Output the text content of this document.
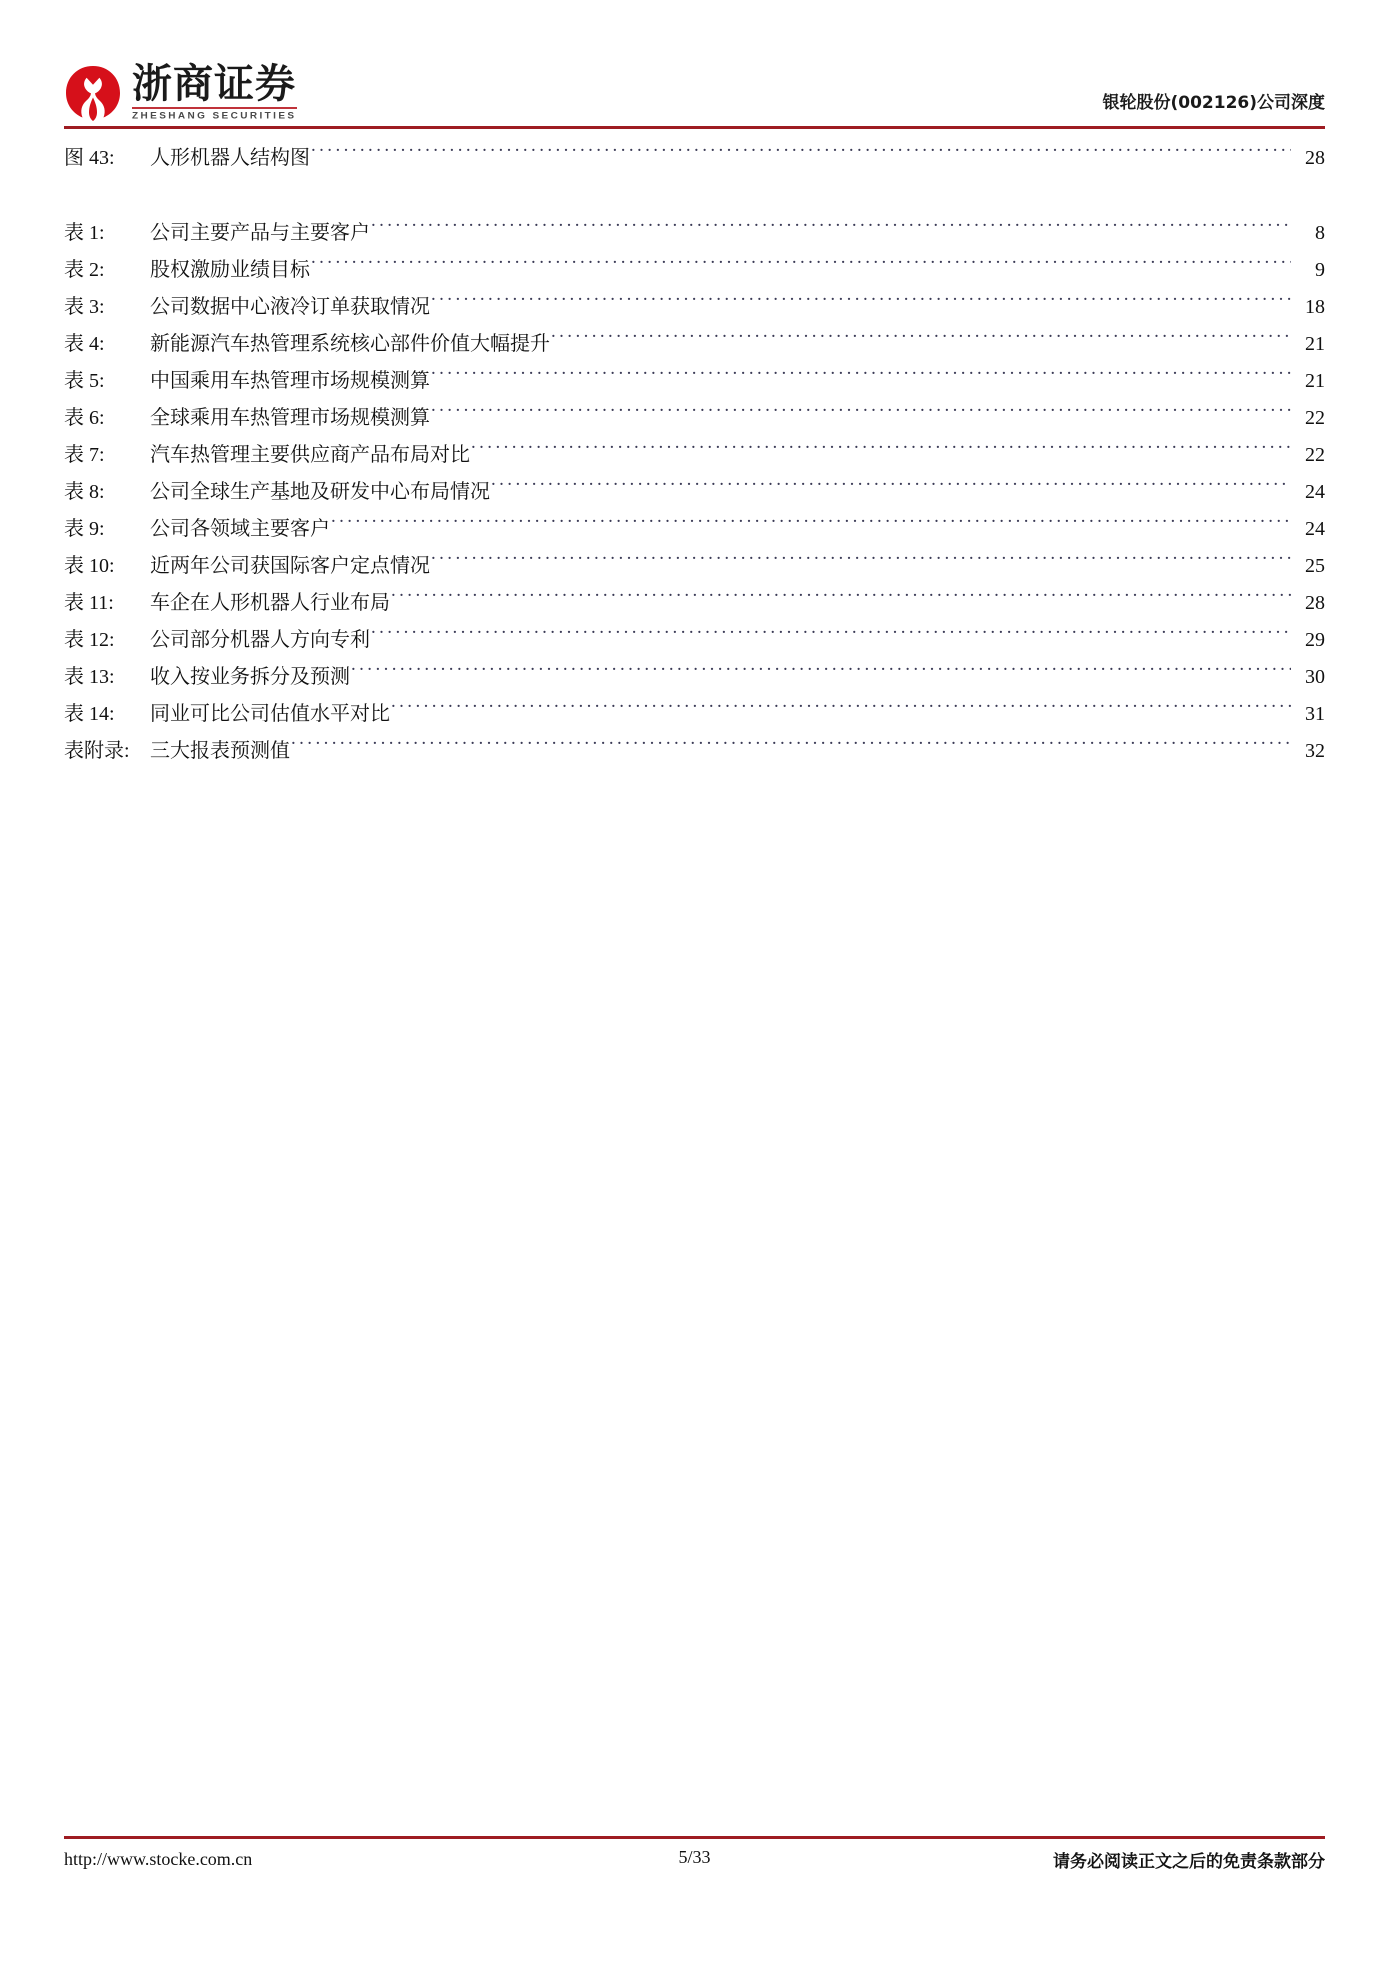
浙商证券
ZHESHANG SECURITIES
银轮股份(002126)公司深度
图 43:	人形机器人结构图 .....	28
表 1:	公司主要产品与主要客户 .....	8
表 2:	股权激励业绩目标 .....	9
表 3:	公司数据中心液冷订单获取情况 .....	18
表 4:	新能源汽车热管理系统核心部件价值大幅提升 .....	21
表 5:	中国乘用车热管理市场规模测算 .....	21
表 6:	全球乘用车热管理市场规模测算 .....	22
表 7:	汽车热管理主要供应商产品布局对比 .....	22
表 8:	公司全球生产基地及研发中心布局情况 .....	24
表 9:	公司各领域主要客户 .....	24
表 10:	近两年公司获国际客户定点情况 .....	25
表 11:	车企在人形机器人行业布局 .....	28
表 12:	公司部分机器人方向专利 .....	29
表 13:	收入按业务拆分及预测 .....	30
表 14:	同业可比公司估值水平对比 .....	31
表附录:	三大报表预测值 .....	32
http://www.stocke.com.cn	5/33	请务必阅读正文之后的免责条款部分
